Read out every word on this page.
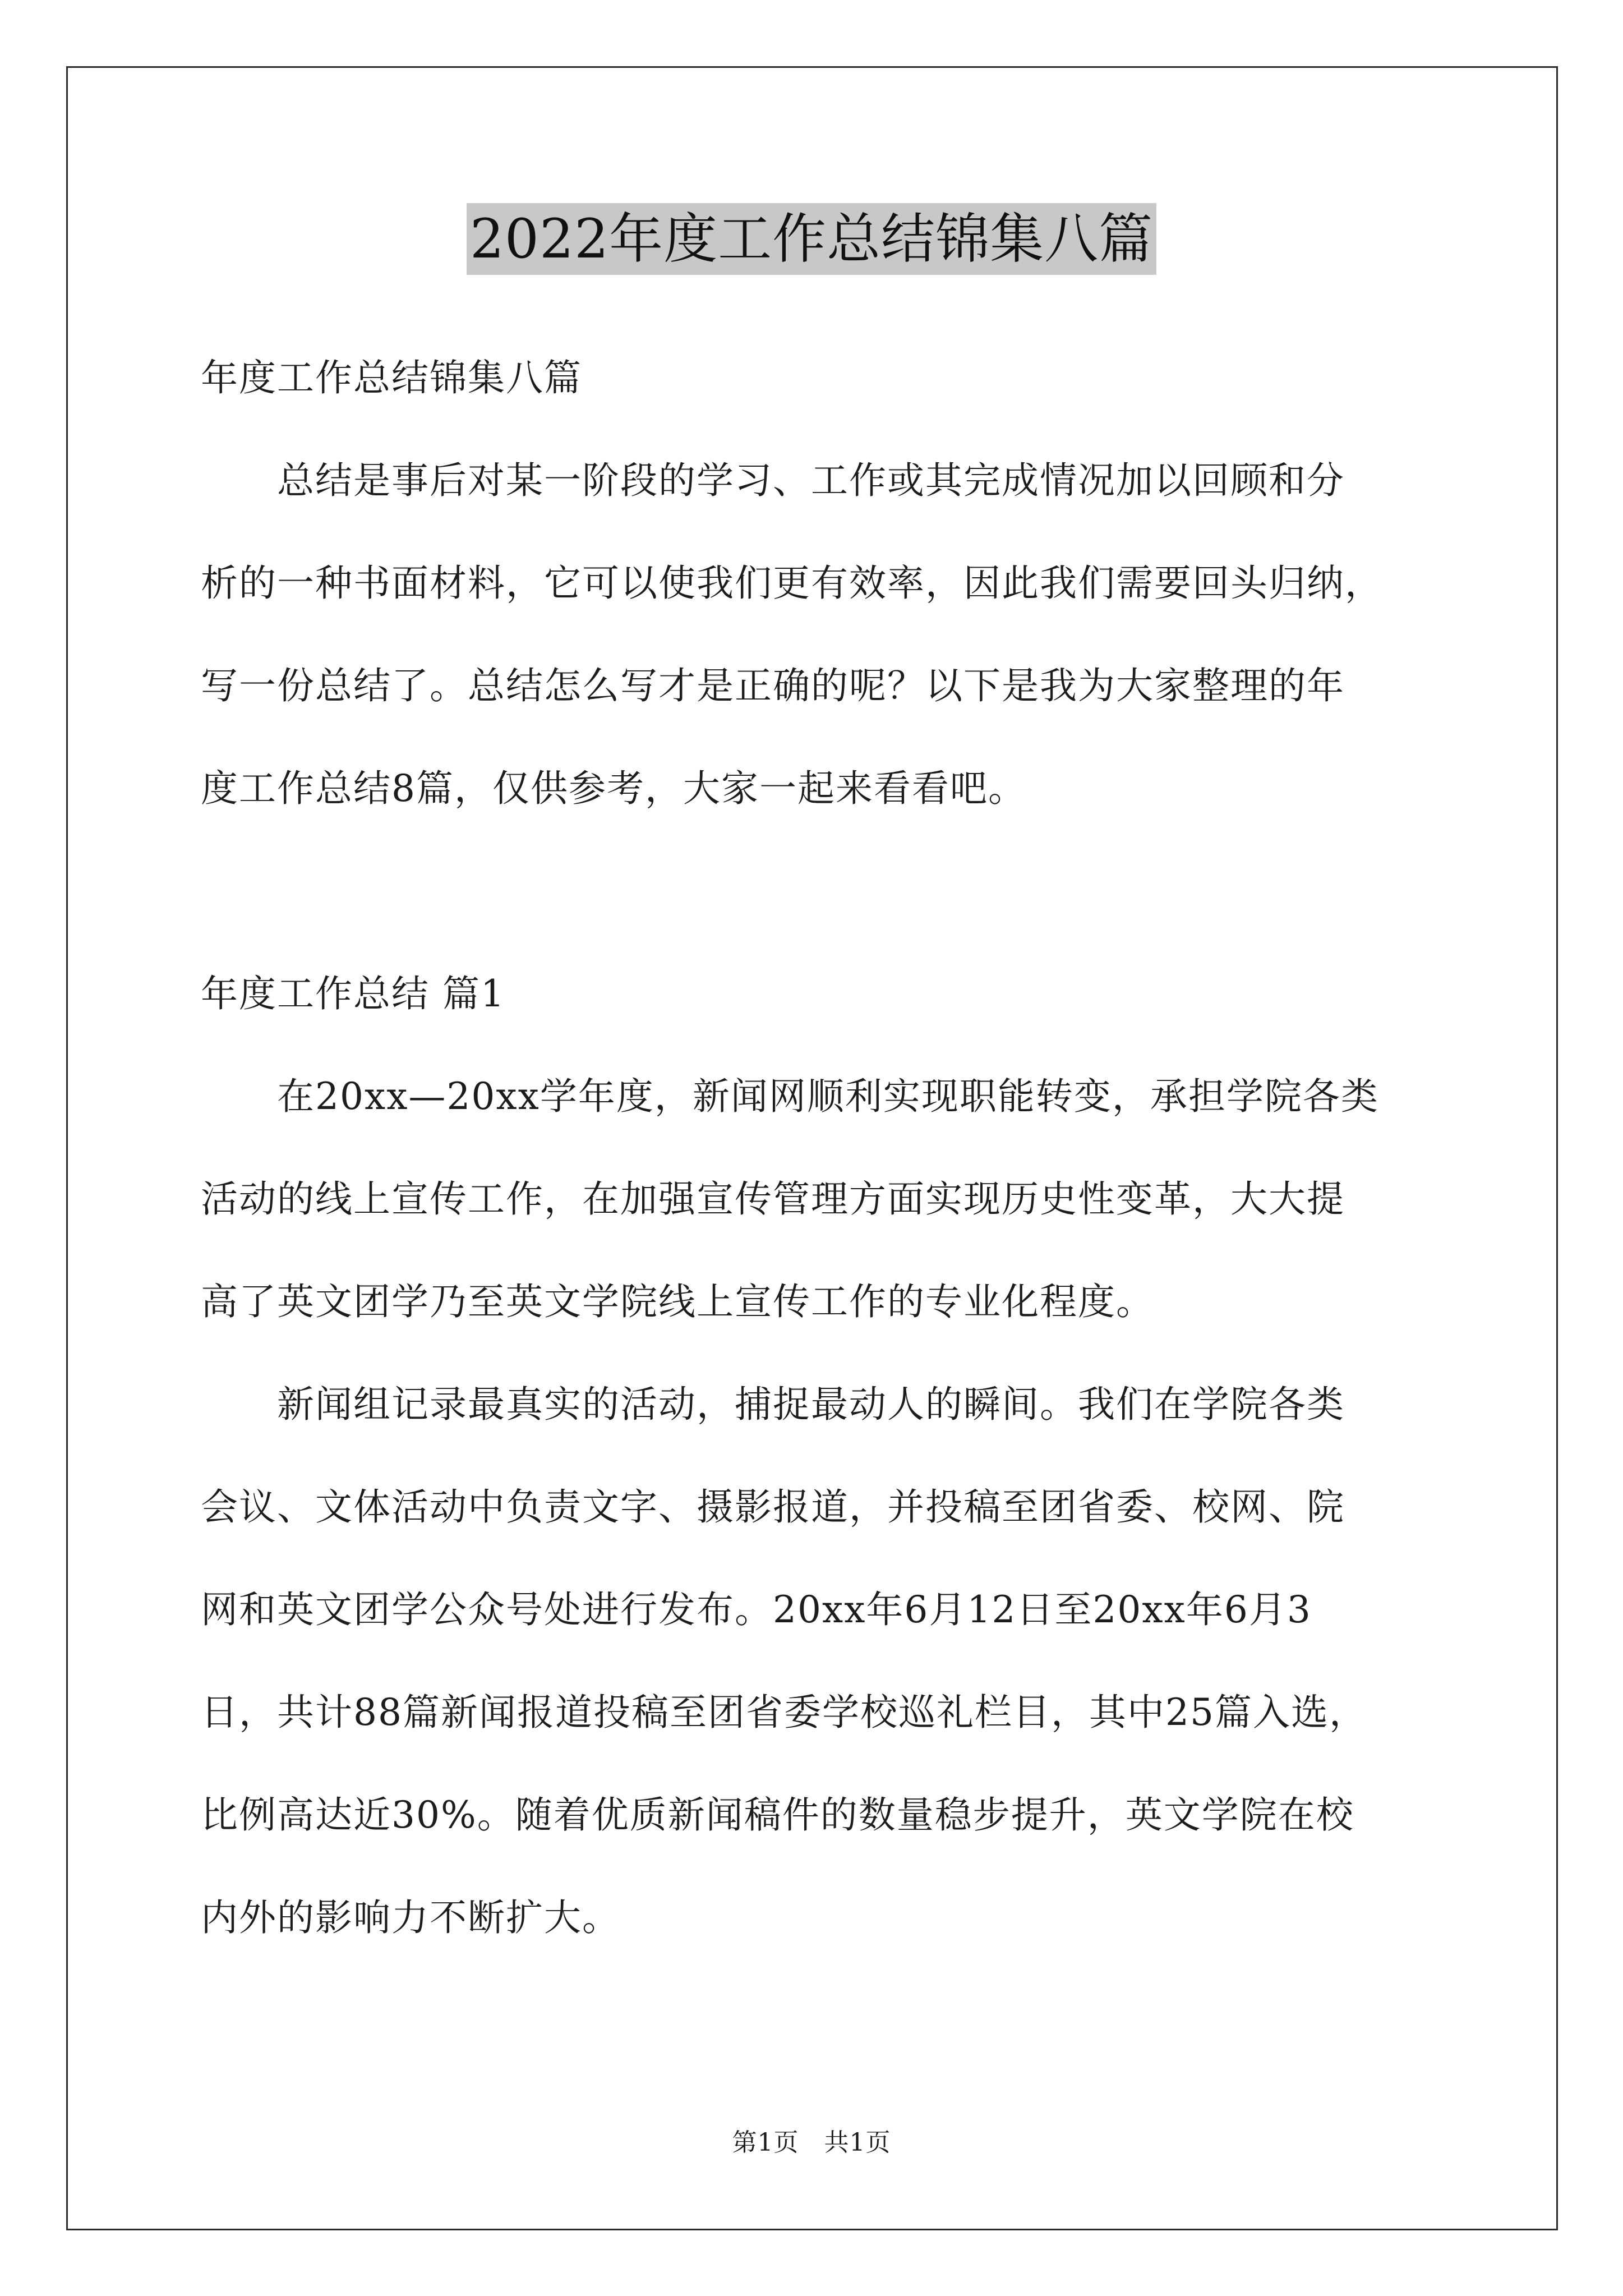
2022年度工作总结锦集八篇
年度工作总结锦集八篇
　　总结是事后对某一阶段的学习、工作或其完成情况加以回顾和分
析的一种书面材料，它可以使我们更有效率，因此我们需要回头归纳，
写一份总结了。总结怎么写才是正确的呢？以下是我为大家整理的年
度工作总结8篇，仅供参考，大家一起来看看吧。
年度工作总结 篇1
　　在20xx—20xx学年度，新闻网顺利实现职能转变，承担学院各类
活动的线上宣传工作，在加强宣传管理方面实现历史性变革，大大提
高了英文团学乃至英文学院线上宣传工作的专业化程度。
　　新闻组记录最真实的活动，捕捉最动人的瞬间。我们在学院各类
会议、文体活动中负责文字、摄影报道，并投稿至团省委、校网、院
网和英文团学公众号处进行发布。20xx年6月12日至20xx年6月3
日，共计88篇新闻报道投稿至团省委学校巡礼栏目，其中25篇入选，
比例高达近30%。随着优质新闻稿件的数量稳步提升，英文学院在校
内外的影响力不断扩大。
第1页　共1页
